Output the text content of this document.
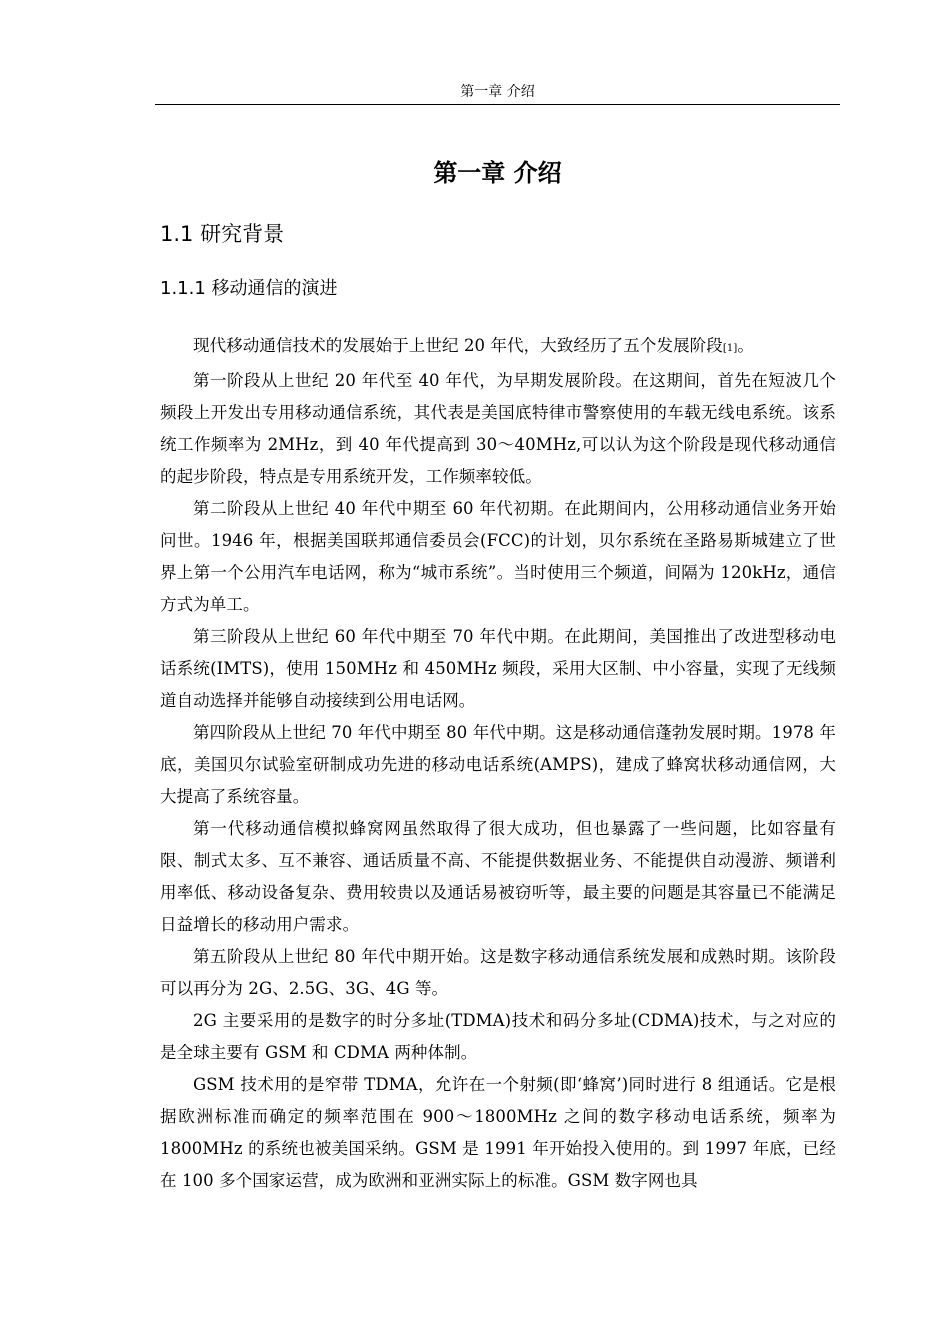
第一章 介绍
第一章 介绍
1.1 研究背景
1.1.1 移动通信的演进

现代移动通信技术的发展始于上世纪 20 年代，大致经历了五个发展阶段[1]。

第一阶段从上世纪 20 年代至 40 年代，为早期发展阶段。在这期间，首先在短波几个频段上开发出专用移动通信系统，其代表是美国底特律市警察使用的车载无线电系统。该系统工作频率为 2MHz，到 40 年代提高到 30～40MHz,可以认为这个阶段是现代移动通信的起步阶段，特点是专用系统开发，工作频率较低。

第二阶段从上世纪 40 年代中期至 60 年代初期。在此期间内，公用移动通信业务开始问世。1946 年，根据美国联邦通信委员会(FCC)的计划，贝尔系统在圣路易斯城建立了世界上第一个公用汽车电话网，称为“城市系统”。当时使用三个频道，间隔为 120kHz，通信方式为单工。

第三阶段从上世纪 60 年代中期至 70 年代中期。在此期间，美国推出了改进型移动电话系统(IMTS)，使用 150MHz 和 450MHz 频段，采用大区制、中小容量，实现了无线频道自动选择并能够自动接续到公用电话网。

第四阶段从上世纪 70 年代中期至 80 年代中期。这是移动通信蓬勃发展时期。1978 年底，美国贝尔试验室研制成功先进的移动电话系统(AMPS)，建成了蜂窝状移动通信网，大大提高了系统容量。

第一代移动通信模拟蜂窝网虽然取得了很大成功，但也暴露了一些问题，比如容量有限、制式太多、互不兼容、通话质量不高、不能提供数据业务、不能提供自动漫游、频谱利用率低、移动设备复杂、费用较贵以及通话易被窃听等，最主要的问题是其容量已不能满足日益增长的移动用户需求。

第五阶段从上世纪 80 年代中期开始。这是数字移动通信系统发展和成熟时期。该阶段可以再分为 2G、2.5G、3G、4G 等。

2G 主要采用的是数字的时分多址(TDMA)技术和码分多址(CDMA)技术，与之对应的是全球主要有 GSM 和 CDMA 两种体制。

GSM 技术用的是窄带 TDMA，允许在一个射频(即‘蜂窝’)同时进行 8 组通话。它是根据欧洲标准而确定的频率范围在 900～1800MHz 之间的数字移动电话系统，频率为 1800MHz 的系统也被美国采纳。GSM 是 1991 年开始投入使用的。到 1997 年底，已经在 100 多个国家运营，成为欧洲和亚洲实际上的标准。GSM 数字网也具
